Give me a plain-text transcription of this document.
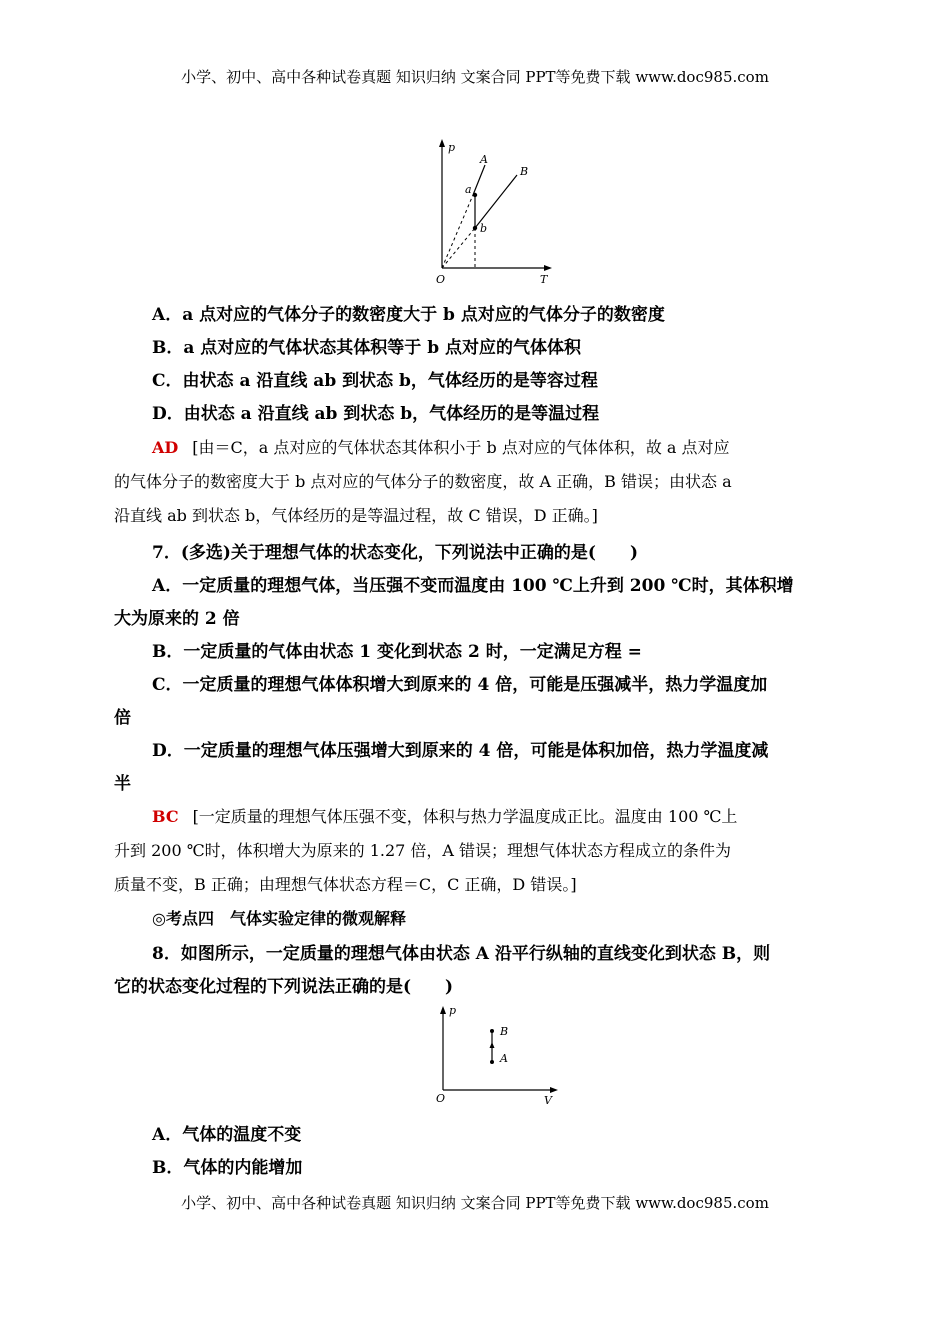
小学、初中、高中各种试卷真题 知识归纳 文案合同 PPT等免费下载 www.doc985.com
p
T
O
A
B
a
b
A．a 点对应的气体分子的数密度大于 b 点对应的气体分子的数密度
B．a 点对应的气体状态其体积等于 b 点对应的气体体积
C．由状态 a 沿直线 ab 到状态 b，气体经历的是等容过程
D．由状态 a 沿直线 ab 到状态 b，气体经历的是等温过程
AD [由＝C，a 点对应的气体状态其体积小于 b 点对应的气体体积，故 a 点对应
的气体分子的数密度大于 b 点对应的气体分子的数密度，故 A 正确，B 错误；由状态 a
沿直线 ab 到状态 b，气体经历的是等温过程，故 C 错误，D 正确。]
7．(多选)关于理想气体的状态变化，下列说法中正确的是(　　)
A．一定质量的理想气体，当压强不变而温度由 100 ℃上升到 200 ℃时，其体积增
大为原来的 2 倍
B．一定质量的气体由状态 1 变化到状态 2 时，一定满足方程 =
C．一定质量的理想气体体积增大到原来的 4 倍，可能是压强减半，热力学温度加
倍
D．一定质量的理想气体压强增大到原来的 4 倍，可能是体积加倍，热力学温度减
半
BC [一定质量的理想气体压强不变，体积与热力学温度成正比。温度由 100 ℃上
升到 200 ℃时，体积增大为原来的 1.27 倍，A 错误；理想气体状态方程成立的条件为
质量不变，B 正确；由理想气体状态方程＝C，C 正确，D 错误。]
◎考点四　气体实验定律的微观解释
8．如图所示，一定质量的理想气体由状态 A 沿平行纵轴的直线变化到状态 B，则
它的状态变化过程的下列说法正确的是(　　)
p
V
O
A
B
A．气体的温度不变
B．气体的内能增加
小学、初中、高中各种试卷真题 知识归纳 文案合同 PPT等免费下载 www.doc985.com
